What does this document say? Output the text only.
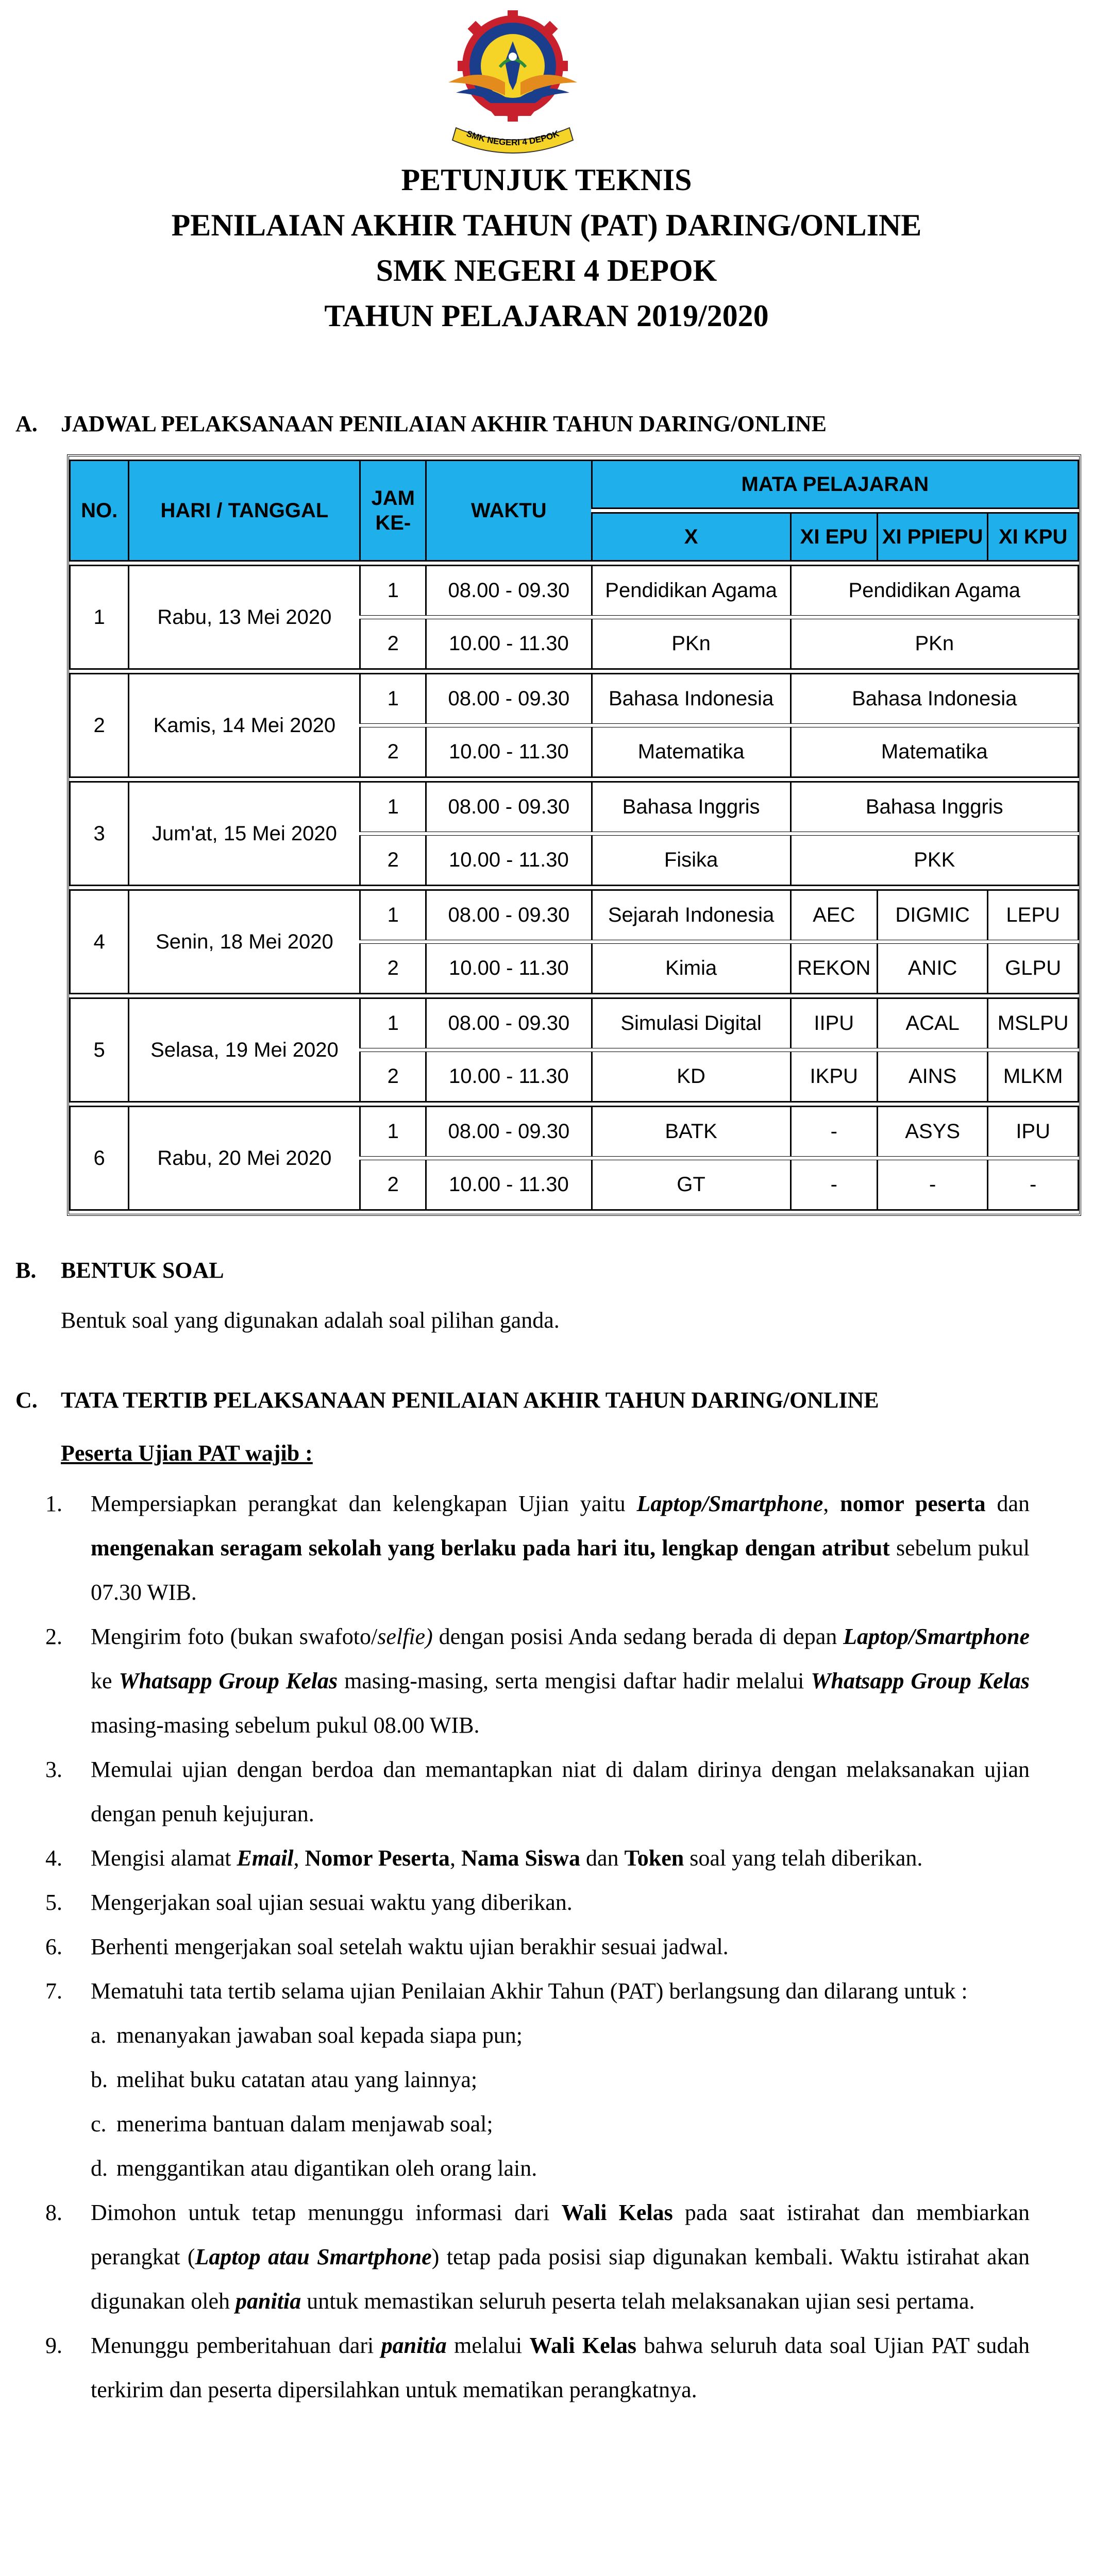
SMK NEGERI 4 DEPOK
PETUNJUK TEKNIS
PENILAIAN AKHIR TAHUN (PAT) DARING/ONLINE
SMK NEGERI 4 DEPOK
TAHUN PELAJARAN 2019/2020
A. JADWAL PELAKSANAAN PENILAIAN AKHIR TAHUN DARING/ONLINE
NO.	HARI / TANGGAL	JAM KE-	WAKTU	MATA PELAJARAN			
				X	XI EPU	XI PPIEPU	XI KPU
1	Rabu, 13 Mei 2020	1	08.00 - 09.30	Pendidikan Agama	Pendidikan Agama		
		2	10.00 - 11.30	PKn	PKn		
2	Kamis, 14 Mei 2020	1	08.00 - 09.30	Bahasa Indonesia	Bahasa Indonesia		
		2	10.00 - 11.30	Matematika	Matematika		
3	Jum'at, 15 Mei 2020	1	08.00 - 09.30	Bahasa Inggris	Bahasa Inggris		
		2	10.00 - 11.30	Fisika	PKK		
4	Senin, 18 Mei 2020	1	08.00 - 09.30	Sejarah Indonesia	AEC	DIGMIC	LEPU
		2	10.00 - 11.30	Kimia	REKON	ANIC	GLPU
5	Selasa, 19 Mei 2020	1	08.00 - 09.30	Simulasi Digital	IIPU	ACAL	MSLPU
		2	10.00 - 11.30	KD	IKPU	AINS	MLKM
6	Rabu, 20 Mei 2020	1	08.00 - 09.30	BATK	-	ASYS	IPU
		2	10.00 - 11.30	GT	-	-	-
B. BENTUK SOAL
Bentuk soal yang digunakan adalah soal pilihan ganda.
C. TATA TERTIB PELAKSANAAN PENILAIAN AKHIR TAHUN DARING/ONLINE
Peserta Ujian PAT wajib :
1.	Mempersiapkan perangkat dan kelengkapan Ujian yaitu Laptop/Smartphone, nomor peserta dan mengenakan seragam sekolah yang berlaku pada hari itu, lengkap dengan atribut sebelum pukul 07.30 WIB.
2.	Mengirim foto (bukan swafoto/selfie) dengan posisi Anda sedang berada di depan Laptop/Smartphone ke Whatsapp Group Kelas masing-masing, serta mengisi daftar hadir melalui Whatsapp Group Kelas masing-masing sebelum pukul 08.00 WIB.
3.	Memulai ujian dengan berdoa dan memantapkan niat di dalam dirinya dengan melaksanakan ujian dengan penuh kejujuran.
4.	Mengisi alamat Email, Nomor Peserta, Nama Siswa dan Token soal yang telah diberikan.
5.	Mengerjakan soal ujian sesuai waktu yang diberikan.
6.	Berhenti mengerjakan soal setelah waktu ujian berakhir sesuai jadwal.
7.	Mematuhi tata tertib selama ujian Penilaian Akhir Tahun (PAT) berlangsung dan dilarang untuk :
a. menanyakan jawaban soal kepada siapa pun;
b. melihat buku catatan atau yang lainnya;
c. menerima bantuan dalam menjawab soal;
d. menggantikan atau digantikan oleh orang lain.
8.	Dimohon untuk tetap menunggu informasi dari Wali Kelas pada saat istirahat dan membiarkan perangkat (Laptop atau Smartphone) tetap pada posisi siap digunakan kembali. Waktu istirahat akan digunakan oleh panitia untuk memastikan seluruh peserta telah melaksanakan ujian sesi pertama.
9.	Menunggu pemberitahuan dari panitia melalui Wali Kelas bahwa seluruh data soal Ujian PAT sudah terkirim dan peserta dipersilahkan untuk mematikan perangkatnya.
